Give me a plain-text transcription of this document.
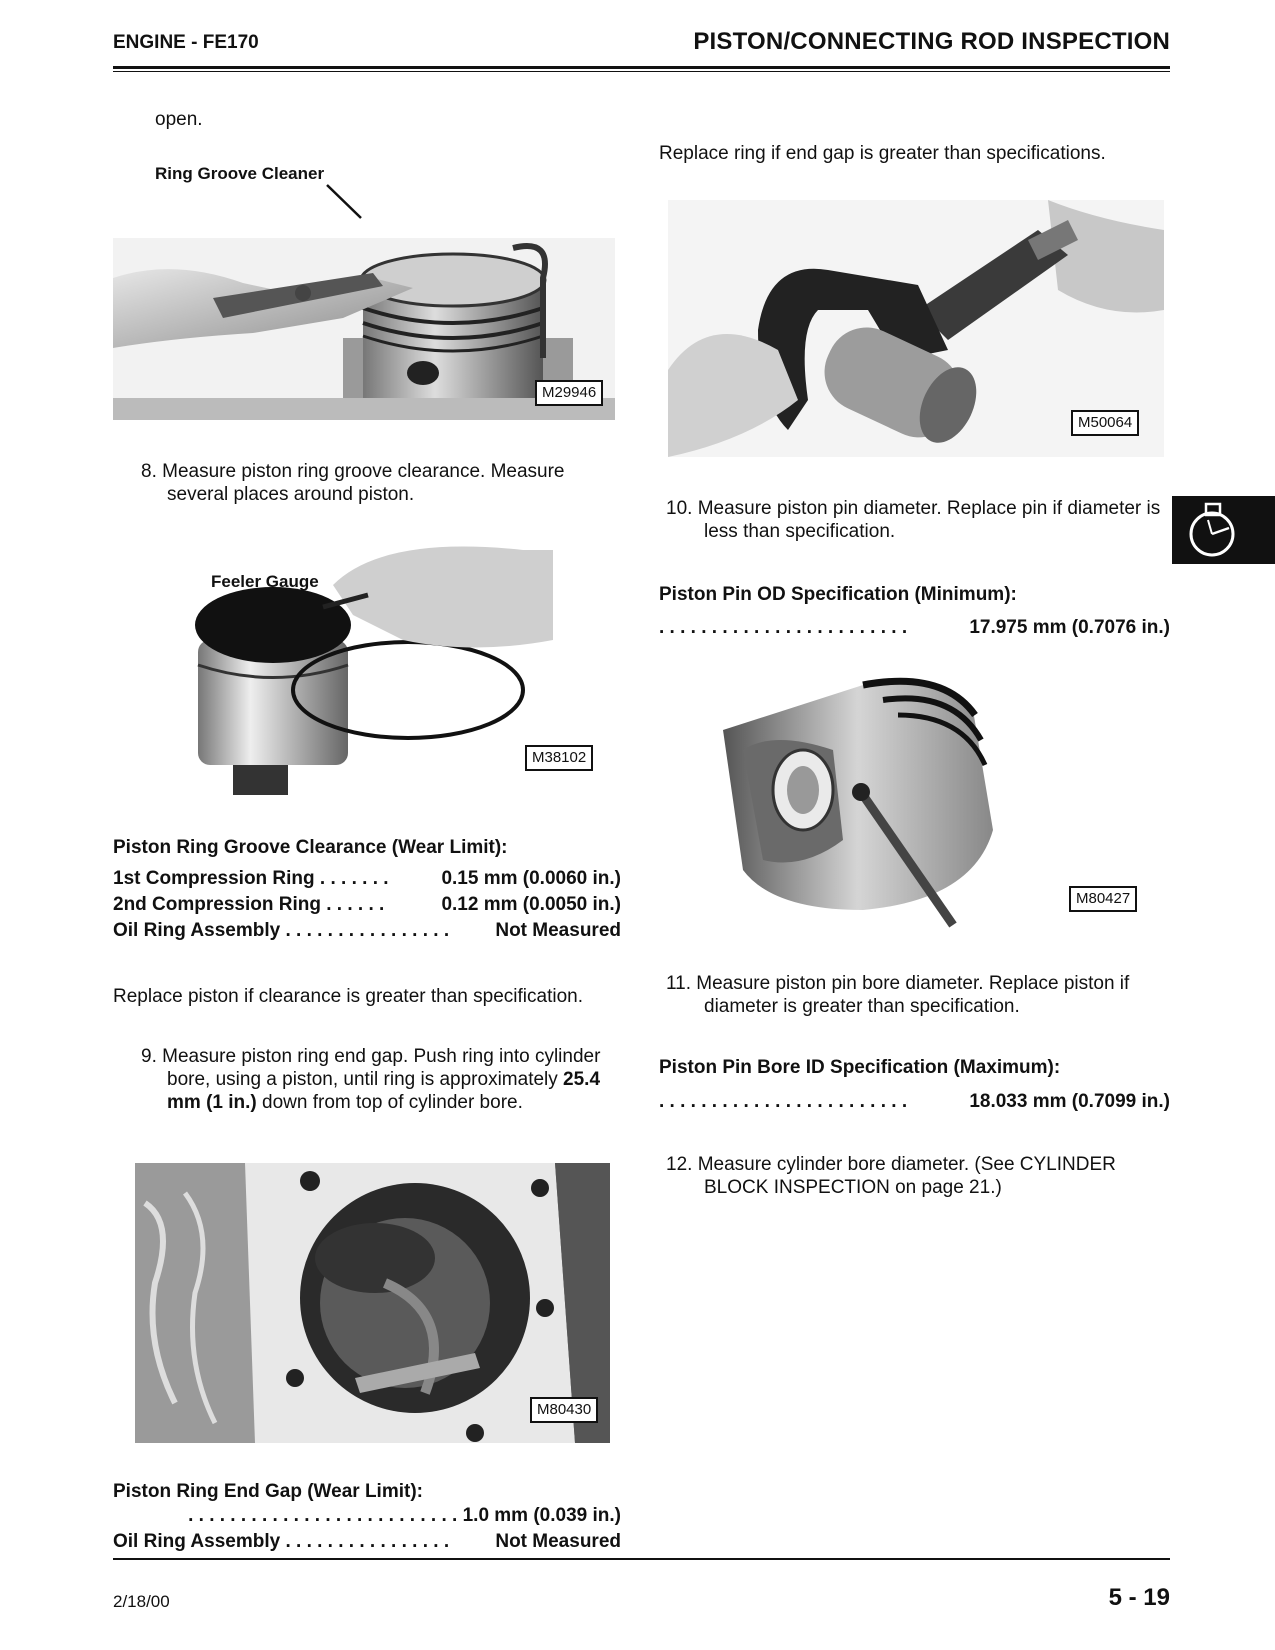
ENGINE - FE170	PISTON/CONNECTING ROD INSPECTION
open.
Ring Groove Cleaner
M29946
8. Measure piston ring groove clearance. Measure several places around piston.
Feeler Gauge
M38102
Piston Ring Groove Clearance (Wear Limit):
1st Compression Ring . . . . . . .	0.15 mm (0.0060 in.)
2nd Compression Ring . . . . . .	0.12 mm (0.0050 in.)
Oil Ring Assembly . . . . . . . . . . . . . . . . Not Measured
Replace piston if clearance is greater than specification.
9. Measure piston ring end gap. Push ring into cylinder bore, using a piston, until ring is approximately 25.4 mm (1 in.) down from top of cylinder bore.
M80430
Piston Ring End Gap (Wear Limit):
. . . . . . . . . . . . . . . . . . . . . . . . . .
1.0 mm (0.039 in.)
Oil Ring Assembly . . . . . . . . . . . . . . . . Not Measured
Replace ring if end gap is greater than specifications.
M50064
10. Measure piston pin diameter. Replace pin if diameter is less than specification.
Piston Pin OD Specification (Minimum):
. . . . . . . . . . . . . . . . . . . . . . . .	17.975 mm (0.7076 in.)
M80427
11. Measure piston pin bore diameter. Replace piston if diameter is greater than specification.
Piston Pin Bore ID Specification (Maximum):
. . . . . . . . . . . . . . . . . . . . . . . .	18.033 mm (0.7099 in.)
12. Measure cylinder bore diameter. (See CYLINDER BLOCK INSPECTION on page 21.)
2/18/00	5 - 19
